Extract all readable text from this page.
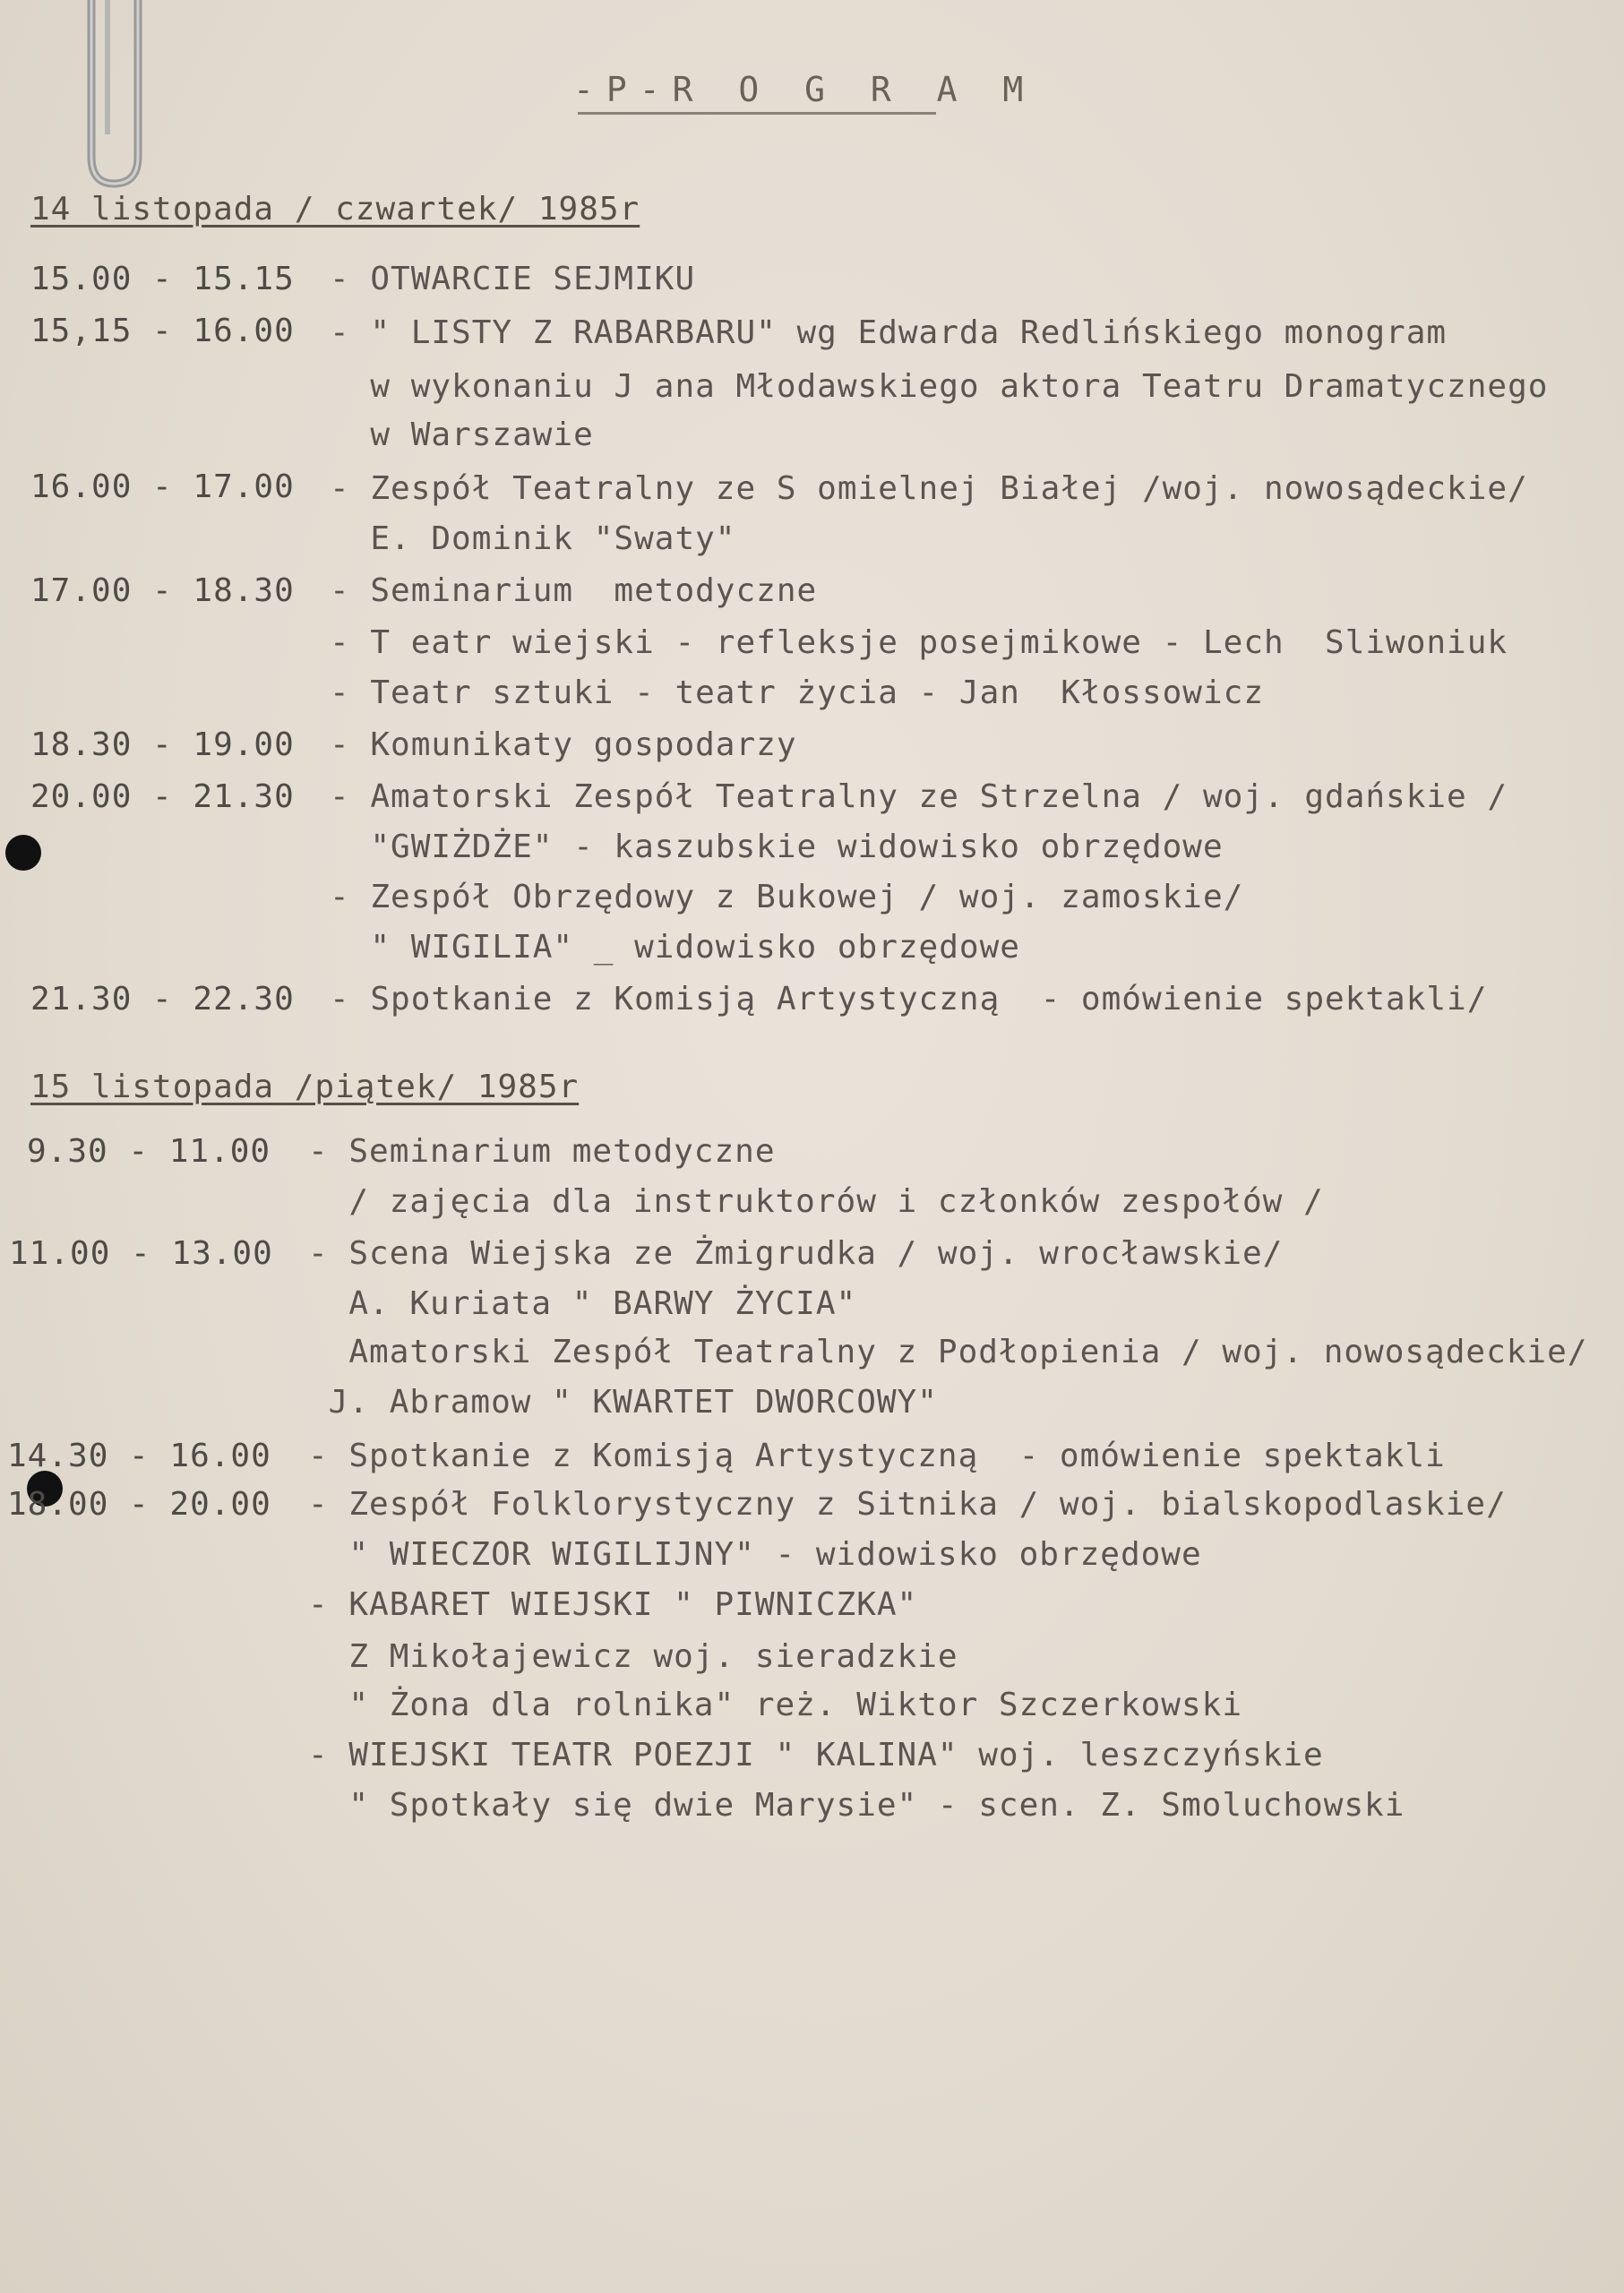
-P-R O G R A M
14 listopada / czwartek/ 1985r
15.00 - 15.15 - OTWARCIE SEJMIKU
15,15 - 16.00 - " LISTY Z RABARBARU" wg Edwarda Redlińskiego monogram
w wykonaniu J ana Młodawskiego aktora Teatru Dramatycznego
w Warszawie
16.00 - 17.00 - Zespół Teatralny ze S omielnej Białej /woj. nowosądeckie/
E. Dominik "Swaty"
17.00 - 18.30 - Seminarium  metodyczne
- T eatr wiejski - refleksje posejmikowe - Lech  Sliwoniuk
- Teatr sztuki - teatr życia - Jan  Kłossowicz
18.30 - 19.00 - Komunikaty gospodarzy
20.00 - 21.30 - Amatorski Zespół Teatralny ze Strzelna / woj. gdańskie /
"GWIŻDŻE" - kaszubskie widowisko obrzędowe
- Zespół Obrzędowy z Bukowej / woj. zamoskie/
" WIGILIA" _ widowisko obrzędowe
21.30 - 22.30 - Spotkanie z Komisją Artystyczną  - omówienie spektakli/
15 listopada /piątek/ 1985r
9.30 - 11.00 - Seminarium metodyczne
/ zajęcia dla instruktorów i członków zespołów /
11.00 - 13.00 - Scena Wiejska ze Żmigrudka / woj. wrocławskie/
A. Kuriata " BARWY ŻYCIA"
Amatorski Zespół Teatralny z Podłopienia / woj. nowosądeckie/
J. Abramow " KWARTET DWORCOWY"
14.30 - 16.00 - Spotkanie z Komisją Artystyczną  - omówienie spektakli
18.00 - 20.00 - Zespół Folklorystyczny z Sitnika / woj. bialskopodlaskie/
" WIECZOR WIGILIJNY" - widowisko obrzędowe
- KABARET WIEJSKI " PIWNICZKA"
Z Mikołajewicz woj. sieradzkie
" Żona dla rolnika" reż. Wiktor Szczerkowski
- WIEJSKI TEATR POEZJI " KALINA" woj. leszczyńskie
" Spotkały się dwie Marysie" - scen. Z. Smoluchowski
